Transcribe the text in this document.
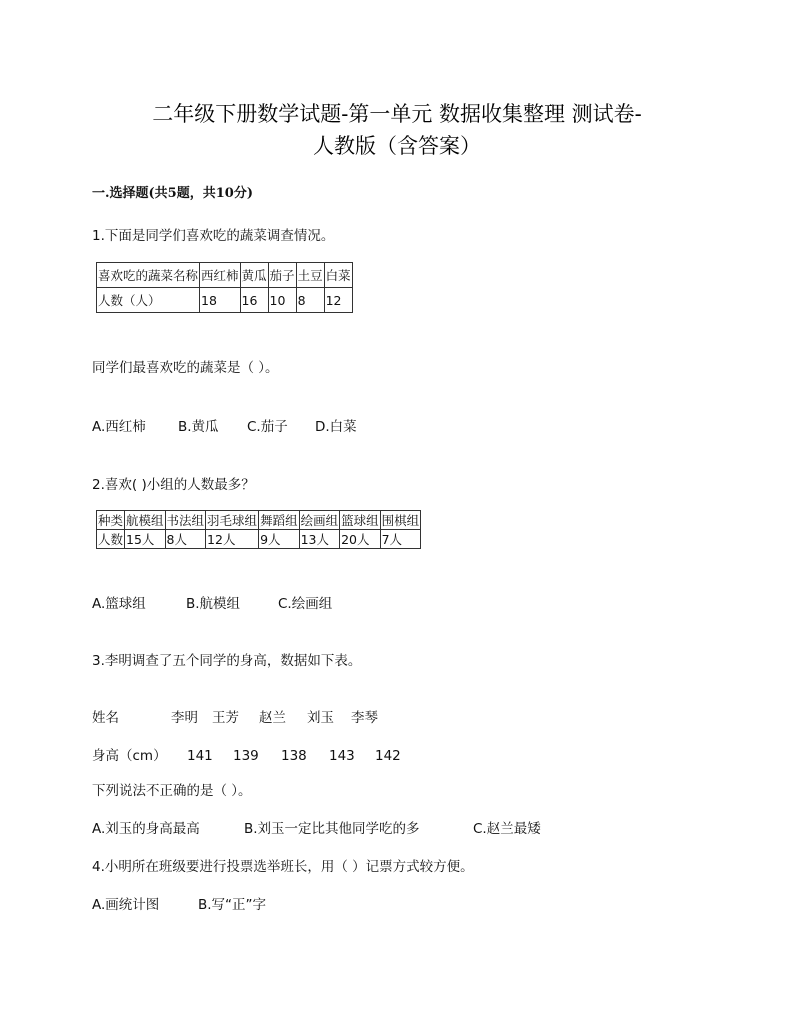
二年级下册数学试题-第一单元 数据收集整理 测试卷-
人教版（含答案）
一.选择题(共5题，共10分)
1.下面是同学们喜欢吃的蔬菜调查情况。
喜欢吃的蔬菜名称	西红柿	黄瓜	茄子	土豆	白菜
人数（人）	18	16	10	8	12
同学们最喜欢吃的蔬菜是（ ）。
A.西红柿 B.黄瓜 C.茄子 D.白菜
2.喜欢( )小组的人数最多？
种类	航模组	书法组	羽毛球组	舞蹈组	绘画组	篮球组	围棋组
人数	15人	8人	12人	9人	13人	20人	7人
A.篮球组	B.航模组	C.绘画组
3.李明调查了五个同学的身高，数据如下表。
姓名	李明 王芳 赵兰 刘玉 李琴
身高（cm） 141 139 138 143 142
下列说法不正确的是（ ）。
A.刘玉的身高最高	B.刘玉一定比其他同学吃的多	C.赵兰最矮
4.小明所在班级要进行投票选举班长，用（ ）记票方式较方便。
A.画统计图	B.写“正”字
